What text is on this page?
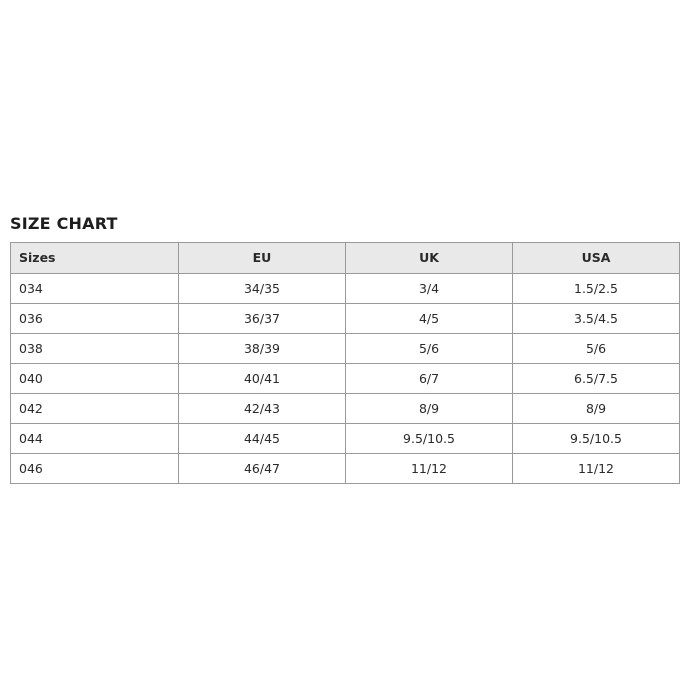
SIZE CHART
Sizes	EU	UK	USA
034	34/35	3/4	1.5/2.5
036	36/37	4/5	3.5/4.5
038	38/39	5/6	5/6
040	40/41	6/7	6.5/7.5
042	42/43	8/9	8/9
044	44/45	9.5/10.5	9.5/10.5
046	46/47	11/12	11/12
